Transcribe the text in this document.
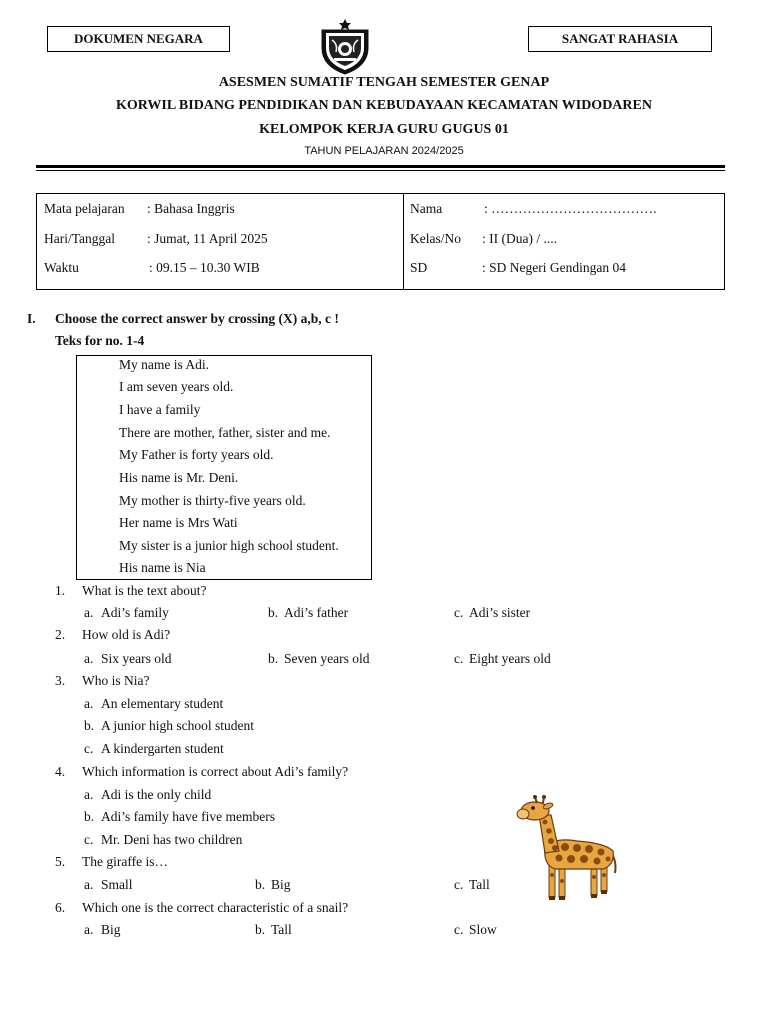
DOKUMEN NEGARA	SANGAT RAHASIA
ASESMEN SUMATIF TENGAH SEMESTER GENAP
KORWIL BIDANG PENDIDIKAN DAN KEBUDAYAAN KECAMATAN WIDODAREN
KELOMPOK KERJA GURU GUGUS 01
TAHUN PELAJARAN 2024/2025
Mata pelajaran : Bahasa Inggris
Hari/Tanggal : Jumat, 11 April 2025
Waktu	: 09.15 – 10.30 WIB
Nama	: ……………………………….
Kelas/No : II (Dua) / ....
SD	: SD Negeri Gendingan 04
I. Choose the correct answer by crossing (X) a,b, c !
Teks for no. 1-4
My name is Adi.
I am seven years old.
I have a family
There are mother, father, sister and me.
My Father is forty years old.
His name is Mr. Deni.
My mother is thirty-five years old.
Her name is Mrs Wati
My sister is a junior high school student.
His name is Nia
1. What is the text about?
a. Adi’s family	b. Adi’s father	c. Adi’s sister
2. How old is Adi?
a. Six years old	b. Seven years old	c. Eight years old
3. Who is Nia?
a. An elementary student
b. A junior high school student
c. A kindergarten student
4. Which information is correct about Adi’s family?
a. Adi is the only child
b. Adi’s family have five members
c. Mr. Deni has two children
5. The giraffe is…
a. Small	b. Big	c. Tall
6. Which one is the correct characteristic of a snail?
a. Big	b. Tall	c. Slow
